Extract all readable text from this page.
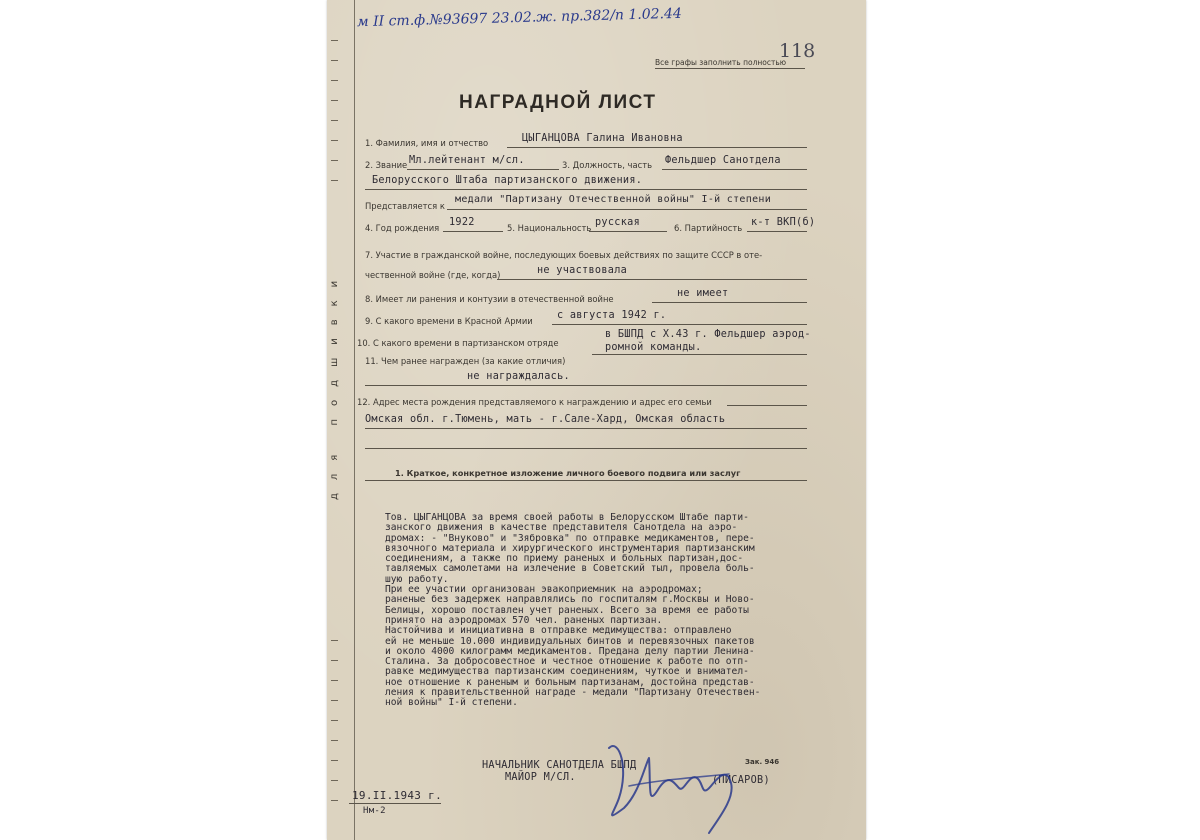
для подшивки
м II ст.ф.№93697 23.02.ж. пр.382/п 1.02.44
118
Все графы заполнить полностью
НАГРАДНОЙ ЛИСТ
1. Фамилия, имя и отчество	ЦЫГАНЦОВА Галина Ивановна
2. Звание Мл.лейтенант м/сл.	3. Должность, часть Фельдшер Санотдела
Белорусского Штаба партизанского движения.
Представляется к
медали "Партизану Отечественной войны" I-й степени
4. Год рождения 1922	5. Национальность русская	6. Партийность к-т ВКП(б)
7. Участие в гражданской войне, последующих боевых действиях по защите СССР в оте-
чественной войне (где, когда)	не участвовала
8. Имеет ли ранения и контузии в отечественной войне	не имеет
9. С какого времени в Красной Армии с августа 1942 г.
10. С какого времени в партизанском отряде
в БШПД с X.43 г. Фельдшер аэрод-
ромной команды.
11. Чем ранее награжден (за какие отличия)
не награждалась.
12. Адрес места рождения представляемого к награждению и адрес его семьи
Омская обл. г.Тюмень, мать - г.Сале-Хард, Омская область
1. Краткое, конкретное изложение личного боевого подвига или заслуг
Тов. ЦЫГАНЦОВА за время своей работы в Белорусском Штабе парти-
занского движения в качестве представителя Санотдела на аэро-
дромах: - "Внуково" и "Зябровка" по отправке медикаментов, пере-
вязочного материала и хирургического инструментария партизанским
соединениям, а также по приему раненых и больных партизан,дос-
тавляемых самолетами на излечение в Советский тыл, провела боль-
шую работу.
При ее участии организован эвакоприемник на аэродромах;
раненые без задержек направлялись по госпиталям г.Москвы и Ново-
Белицы, хорошо поставлен учет раненых. Всего за время ее работы
принято на аэродромах 570 чел. раненых партизан.
Настойчива и инициативна в отправке медимущества: отправлено
ей не меньше 10.000 индивидуальных бинтов и перевязочных пакетов
и около 4000 килограмм медикаментов. Предана делу партии Ленина-
Сталина. За добросовестное и честное отношение к работе по отп-
равке медимущества партизанским соединениям, чуткое и внимател-
ное отношение к раненым и больным партизанам, достойна представ-
ления к правительственной награде - медали "Партизану Отечествен-
ной войны" I-й степени.
НАЧАЛЬНИК САНОТДЕЛА БШПД
МАЙОР М/СЛ.	(ПИСАРОВ)
Зак. 946
19.II.1943 г.
Нм-2
